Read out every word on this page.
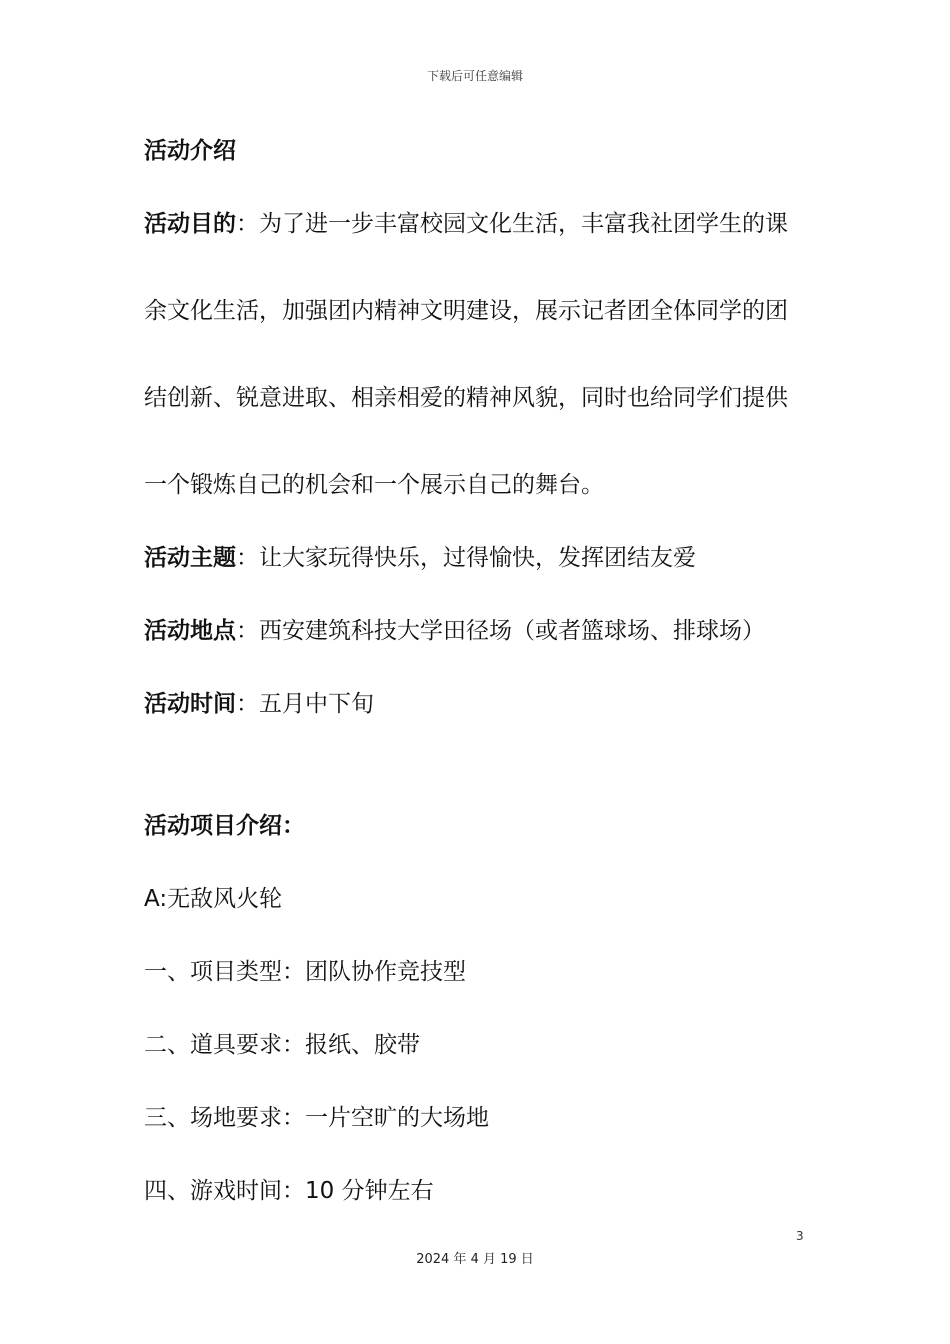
下载后可任意编辑
活动介绍
活动目的：为了进一步丰富校园文化生活，丰富我社团学生的课
余文化生活，加强团内精神文明建设，展示记者团全体同学的团
结创新、锐意进取、相亲相爱的精神风貌，同时也给同学们提供
一个锻炼自己的机会和一个展示自己的舞台。
活动主题：让大家玩得快乐，过得愉快，发挥团结友爱
活动地点：西安建筑科技大学田径场（或者篮球场、排球场）
活动时间：五月中下旬
活动项目介绍：
A:无敌风火轮
一、项目类型：团队协作竞技型
二、道具要求：报纸、胶带
三、场地要求：一片空旷的大场地
四、游戏时间：10 分钟左右
3
2024 年 4 月 19 日
